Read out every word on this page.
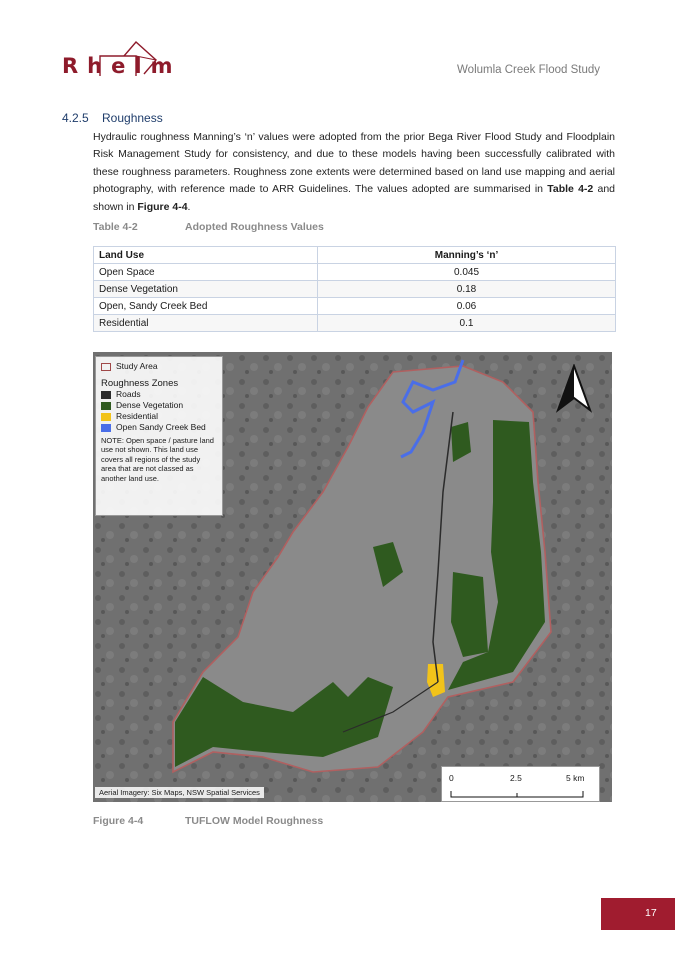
R h e l m	Wolumla Creek Flood Study
4.2.5 Roughness

Hydraulic roughness Manning’s ‘n’ values were adopted from the prior Bega River Flood Study and Floodplain Risk Management Study for consistency, and due to these models having been successfully calibrated with these roughness parameters. Roughness zone extents were determined based on land use mapping and aerial photography, with reference made to ARR Guidelines. The values adopted are summarised in Table 4-2 and shown in Figure 4-4.

Table 4-2	Adopted Roughness Values
Land Use	Manning’s ‘n’
Open Space	0.045
Dense Vegetation	0.18
Open, Sandy Creek Bed	0.06
Residential	0.1
Study Area
Roughness Zones
Roads
Dense Vegetation
Residential
Open Sandy Creek Bed
NOTE: Open space / pasture land use not shown. This land use covers all regions of the study area that are not classed as another land use.
0	2.5	5 km
Aerial Imagery: Six Maps, NSW Spatial Services
Figure 4-4	TUFLOW Model Roughness
17
